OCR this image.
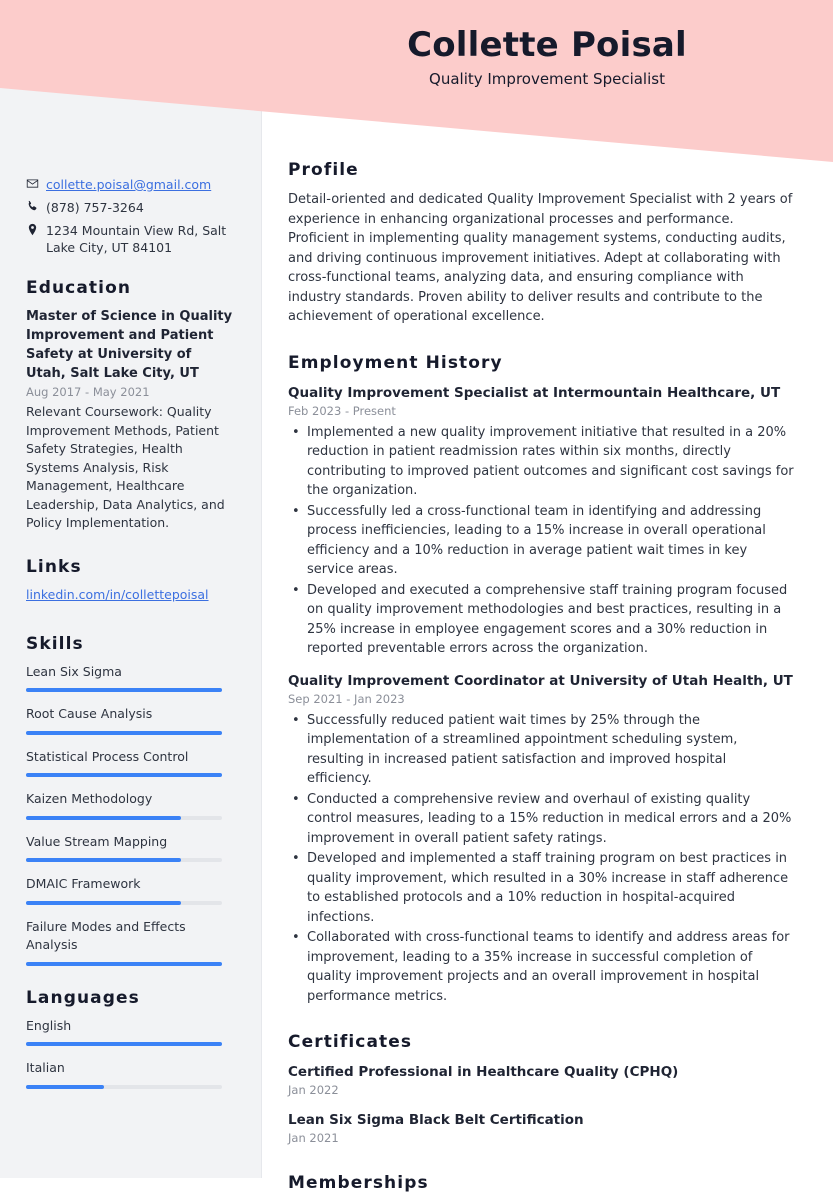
Collette Poisal
Quality Improvement Specialist
collette.poisal@gmail.com
(878) 757-3264
1234 Mountain View Rd, Salt Lake City, UT 84101
Education
Master of Science in Quality Improvement and Patient Safety at University of Utah, Salt Lake City, UT
Aug 2017 - May 2021
Relevant Coursework: Quality Improvement Methods, Patient Safety Strategies, Health Systems Analysis, Risk Management, Healthcare Leadership, Data Analytics, and Policy Implementation.
Links
linkedin.com/in/collettepoisal
Skills
Lean Six Sigma
Root Cause Analysis
Statistical Process Control
Kaizen Methodology
Value Stream Mapping
DMAIC Framework
Failure Modes and Effects Analysis
Languages
English
Italian
Profile
Detail-oriented and dedicated Quality Improvement Specialist with 2 years of experience in enhancing organizational processes and performance. Proficient in implementing quality management systems, conducting audits, and driving continuous improvement initiatives. Adept at collaborating with cross-functional teams, analyzing data, and ensuring compliance with industry standards. Proven ability to deliver results and contribute to the achievement of operational excellence.
Employment History
Quality Improvement Specialist at Intermountain Healthcare, UT
Feb 2023 - Present
• Implemented a new quality improvement initiative that resulted in a 20% reduction in patient readmission rates within six months, directly contributing to improved patient outcomes and significant cost savings for the organization.
• Successfully led a cross-functional team in identifying and addressing process inefficiencies, leading to a 15% increase in overall operational efficiency and a 10% reduction in average patient wait times in key service areas.
• Developed and executed a comprehensive staff training program focused on quality improvement methodologies and best practices, resulting in a 25% increase in employee engagement scores and a 30% reduction in reported preventable errors across the organization.
Quality Improvement Coordinator at University of Utah Health, UT
Sep 2021 - Jan 2023
• Successfully reduced patient wait times by 25% through the implementation of a streamlined appointment scheduling system, resulting in increased patient satisfaction and improved hospital efficiency.
• Conducted a comprehensive review and overhaul of existing quality control measures, leading to a 15% reduction in medical errors and a 20% improvement in overall patient safety ratings.
• Developed and implemented a staff training program on best practices in quality improvement, which resulted in a 30% increase in staff adherence to established protocols and a 10% reduction in hospital-acquired infections.
• Collaborated with cross-functional teams to identify and address areas for improvement, leading to a 35% increase in successful completion of quality improvement projects and an overall improvement in hospital performance metrics.
Certificates
Certified Professional in Healthcare Quality (CPHQ)
Jan 2022
Lean Six Sigma Black Belt Certification
Jan 2021
Memberships
